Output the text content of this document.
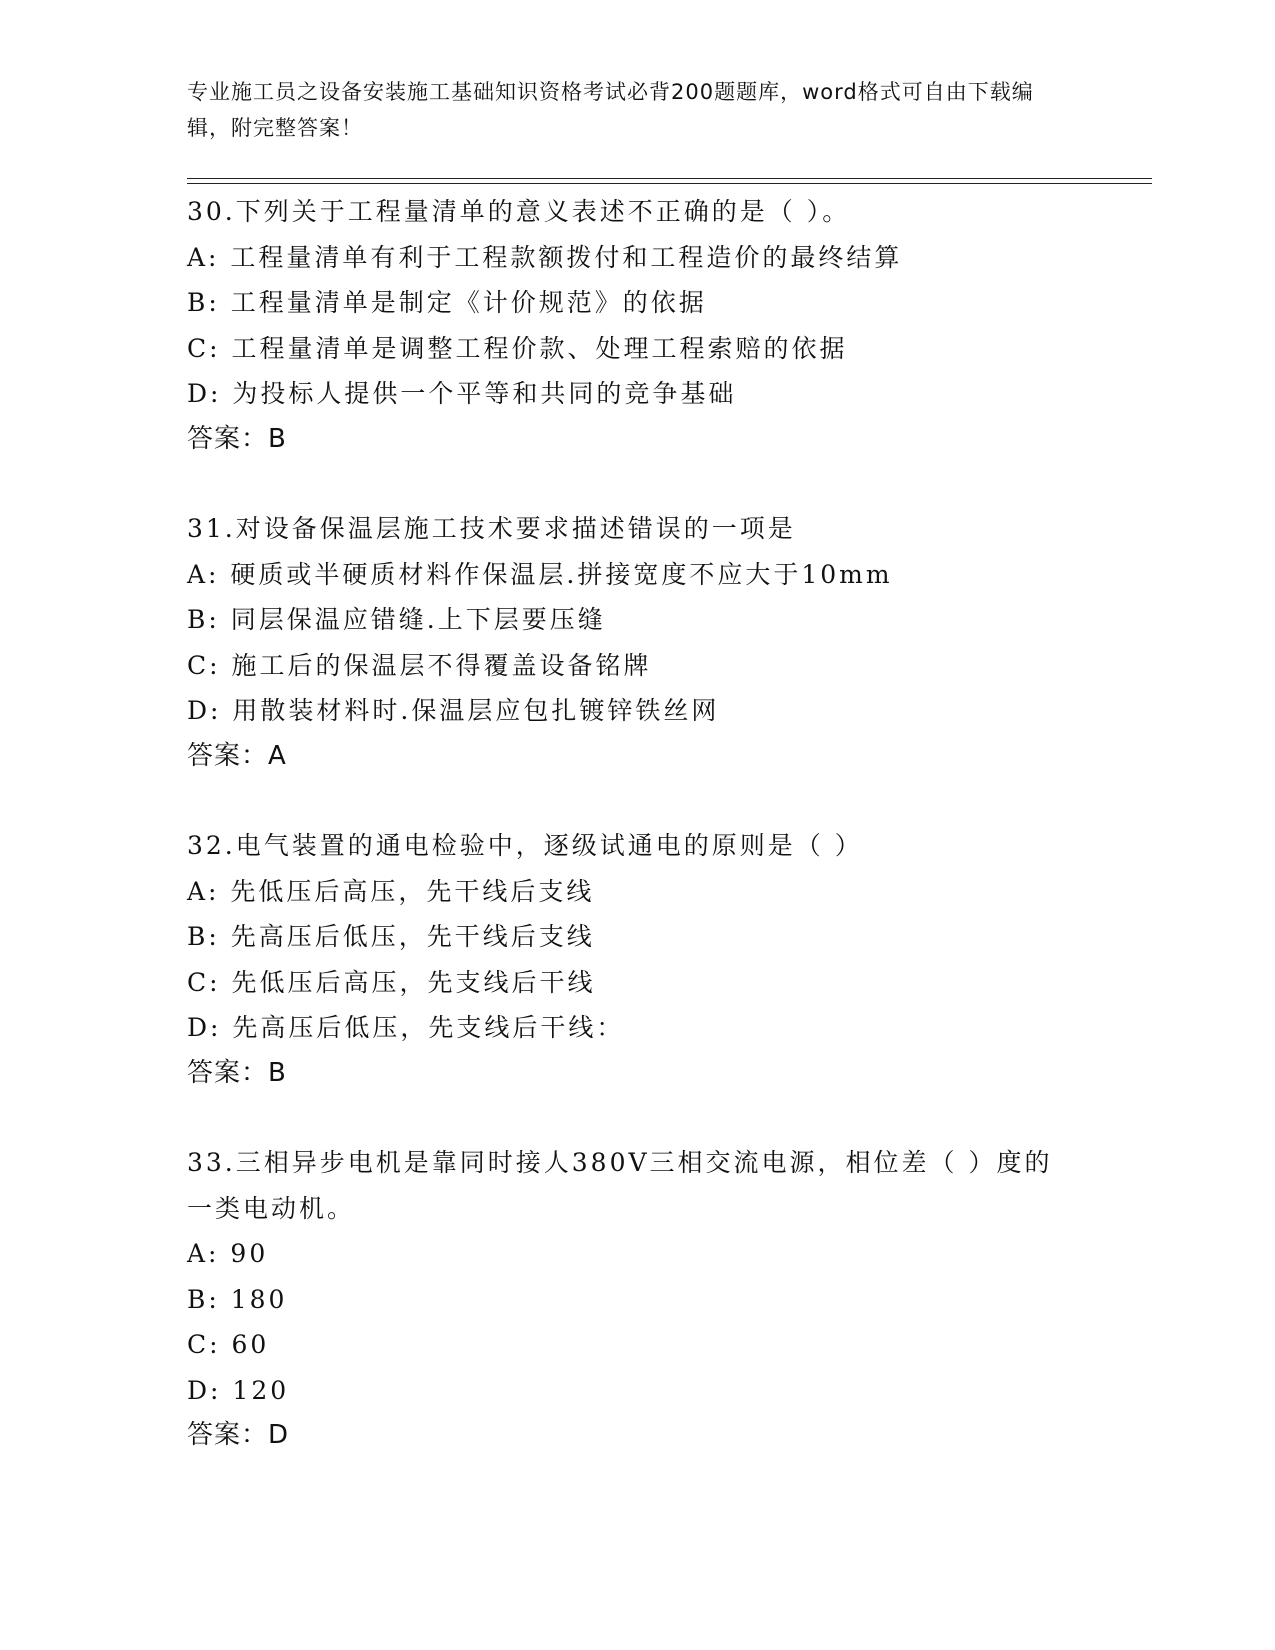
专业施工员之设备安装施工基础知识资格考试必背200题题库，word格式可自由下载编辑，附完整答案！
30.下列关于工程量清单的意义表述不正确的是（ ）。
A: 工程量清单有利于工程款额拨付和工程造价的最终结算
B: 工程量清单是制定《计价规范》的依据
C: 工程量清单是调整工程价款、处理工程索赔的依据
D: 为投标人提供一个平等和共同的竞争基础
答案：B
31.对设备保温层施工技术要求描述错误的一项是
A: 硬质或半硬质材料作保温层.拼接宽度不应大于10mm
B: 同层保温应错缝.上下层要压缝
C: 施工后的保温层不得覆盖设备铭牌
D: 用散装材料时.保温层应包扎镀锌铁丝网
答案：A
32.电气装置的通电检验中，逐级试通电的原则是（ ）
A: 先低压后高压，先干线后支线
B: 先高压后低压，先干线后支线
C: 先低压后高压，先支线后干线
D: 先高压后低压，先支线后干线：
答案：B
33.三相异步电机是靠同时接人380V三相交流电源，相位差（ ）度的一类电动机。
A: 90
B: 180
C: 60
D: 120
答案：D
